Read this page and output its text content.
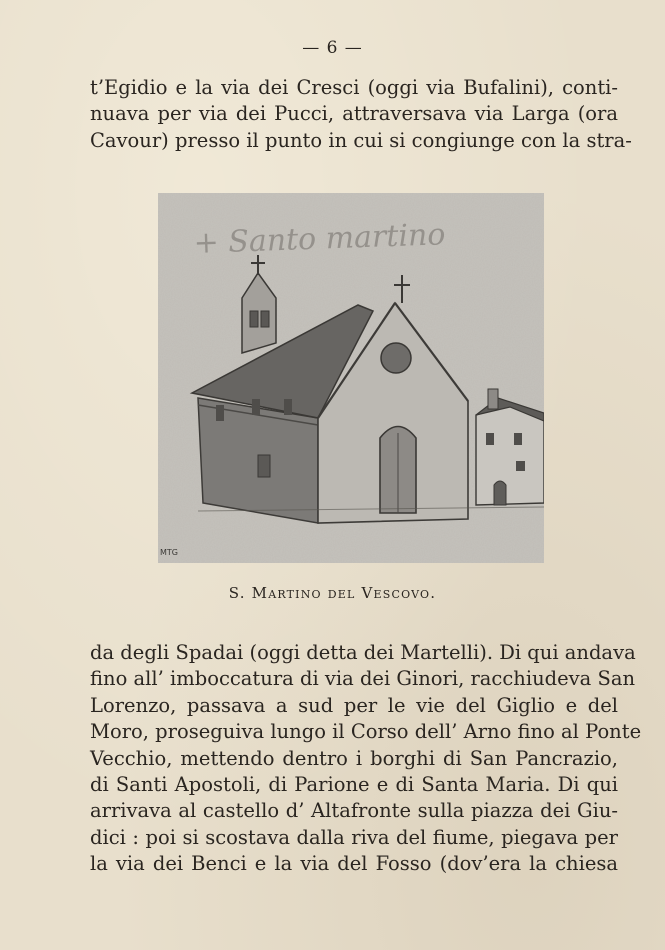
— 6 —
t’Egidio e la via dei Cresci (oggi via Bufalini), conti-
nuava per via dei Pucci, attraversava via Larga (ora
Cavour) presso il punto in cui si congiunge con la stra-
+ Santo martino
MTG
S. Martino del Vescovo.
da degli Spadai (oggi detta dei Martelli). Di qui andava
fino all’ imboccatura di via dei Ginori, racchiudeva San
Lorenzo, passava a sud per le vie del Giglio e del
Moro, proseguiva lungo il Corso dell’ Arno fino al Ponte
Vecchio, mettendo dentro i borghi di San Pancrazio,
di Santi Apostoli, di Parione e di Santa Maria. Di qui
arrivava al castello d’ Altafronte sulla piazza dei Giu-
dici : poi si scostava dalla riva del fiume, piegava per
la via dei Benci e la via del Fosso (dov’era la chiesa
